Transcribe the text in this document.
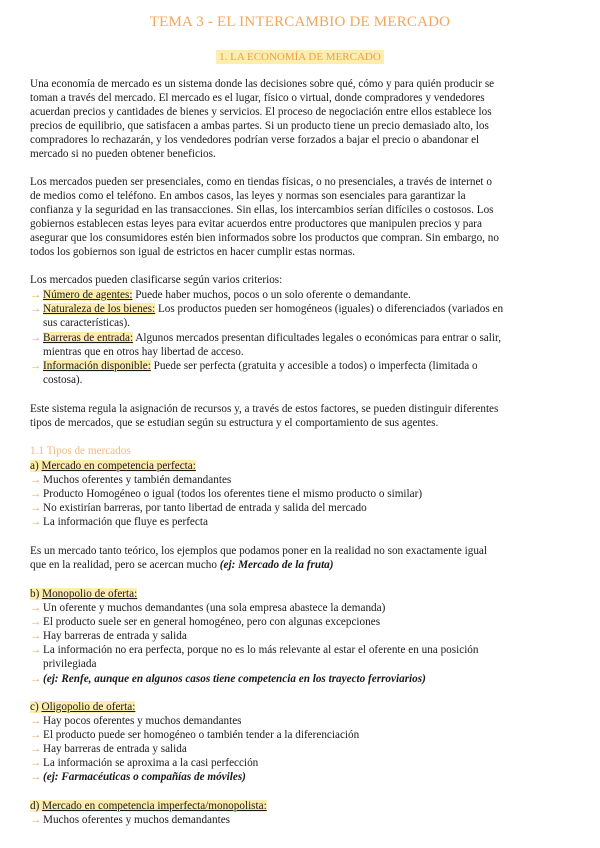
TEMA 3 - EL INTERCAMBIO DE MERCADO
1. LA ECONOMÍA DE MERCADO
Una economía de mercado es un sistema donde las decisiones sobre qué, cómo y para quién producir se
toman a través del mercado. El mercado es el lugar, físico o virtual, donde compradores y vendedores
acuerdan precios y cantidades de bienes y servicios. El proceso de negociación entre ellos establece los
precios de equilibrio, que satisfacen a ambas partes. Si un producto tiene un precio demasiado alto, los
compradores lo rechazarán, y los vendedores podrían verse forzados a bajar el precio o abandonar el
mercado si no pueden obtener beneficios.
Los mercados pueden ser presenciales, como en tiendas físicas, o no presenciales, a través de internet o
de medios como el teléfono. En ambos casos, las leyes y normas son esenciales para garantizar la
confianza y la seguridad en las transacciones. Sin ellas, los intercambios serían difíciles o costosos. Los
gobiernos establecen estas leyes para evitar acuerdos entre productores que manipulen precios y para
asegurar que los consumidores estén bien informados sobre los productos que compran. Sin embargo, no
todos los gobiernos son igual de estrictos en hacer cumplir estas normas.
Los mercados pueden clasificarse según varios criterios:
→ Número de agentes: Puede haber muchos, pocos o un solo oferente o demandante.
→ Naturaleza de los bienes: Los productos pueden ser homogéneos (iguales) o diferenciados (variados en
sus características).
→ Barreras de entrada: Algunos mercados presentan dificultades legales o económicas para entrar o salir,
mientras que en otros hay libertad de acceso.
→ Información disponible: Puede ser perfecta (gratuita y accesible a todos) o imperfecta (limitada o
costosa).
Este sistema regula la asignación de recursos y, a través de estos factores, se pueden distinguir diferentes
tipos de mercados, que se estudian según su estructura y el comportamiento de sus agentes.
1.1 Tipos de mercados
a) Mercado en competencia perfecta:
→ Muchos oferentes y también demandantes
→ Producto Homogéneo o igual (todos los oferentes tiene el mismo producto o similar)
→ No existirían barreras, por tanto libertad de entrada y salida del mercado
→ La información que fluye es perfecta
Es un mercado tanto teórico, los ejemplos que podamos poner en la realidad no son exactamente igual
que en la realidad, pero se acercan mucho (ej: Mercado de la fruta)
b) Monopolio de oferta:
→ Un oferente y muchos demandantes (una sola empresa abastece la demanda)
→ El producto suele ser en general homogéneo, pero con algunas excepciones
→ Hay barreras de entrada y salida
→ La información no era perfecta, porque no es lo más relevante al estar el oferente en una posición
privilegiada
→ (ej: Renfe, aunque en algunos casos tiene competencia en los trayecto ferroviarios)
c) Oligopolio de oferta:
→ Hay pocos oferentes y muchos demandantes
→ El producto puede ser homogéneo o también tender a la diferenciación
→ Hay barreras de entrada y salida
→ La información se aproxima a la casi perfección
→ (ej: Farmacéuticas o compañías de móviles)
d) Mercado en competencia imperfecta/monopolista:
→ Muchos oferentes y muchos demandantes
